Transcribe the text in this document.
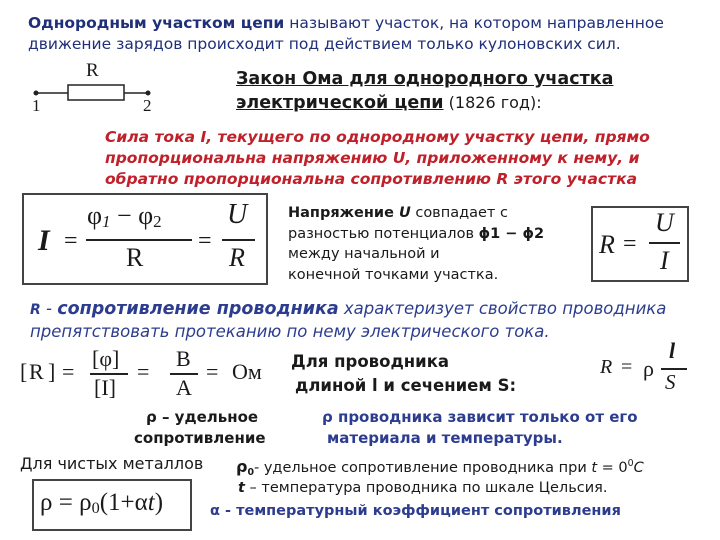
Однородным участком цепи называют участок, на котором направленное

движение зарядов происходит под действием только кулоновских сил.

R
1	2

Закон Ома для однородного участка

электрической цепи (1826 год):

Сила тока I, текущего по однородному участку цепи, прямо

пропорциональна напряжению U, приложенному к нему, и

обратно пропорциональна сопротивлению R этого участка

I =
$\varphi_1 - \varphi_2$
R
=
U
R

Напряжение U совпадает с

разностью потенциалов ϕ1 − ϕ2

между начальной и

конечной точками участка.

R =
U
I

R - сопротивление проводника характеризует свойство проводника

препятствовать протеканию по нему электрического тока.

[ R ] =
[φ]
[I]
=
B
A
= Ом Для проводника

длиной l и сечением S:

R = ρ
l
S

ρ – удельное

сопротивление

ρ проводника зависит только от его

материала и температуры.

Для чистых металлов $\rho_0-$ удельное сопротивление проводника при $t = 0^0C$
t – температура проводника по шкале Цельсия.
α - температурный коэффициент сопротивления
$\rho = \rho_0(1+\alpha t)$
